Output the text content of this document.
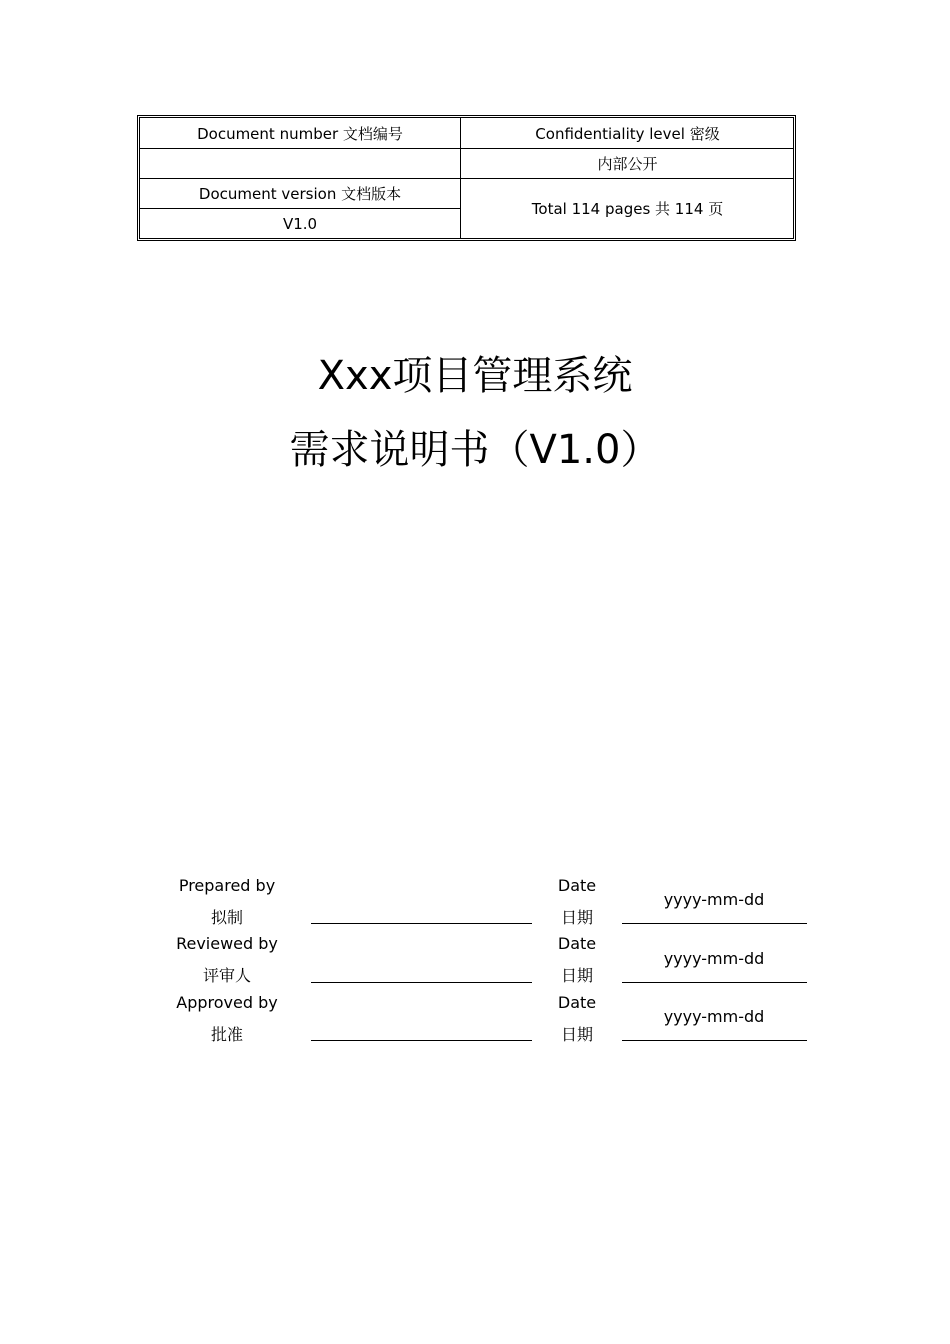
Document number 文档编号	Confidentiality level 密级
内部公开
Document version 文档版本
V1.0
Total 114 pages 共 114 页
Xxx项目管理系统
需求说明书（V1.0）
Prepared by
拟制
Date
日期
yyyy-mm-dd
Reviewed by
评审人
Date
日期
yyyy-mm-dd
Approved by
批准
Date
日期
yyyy-mm-dd
